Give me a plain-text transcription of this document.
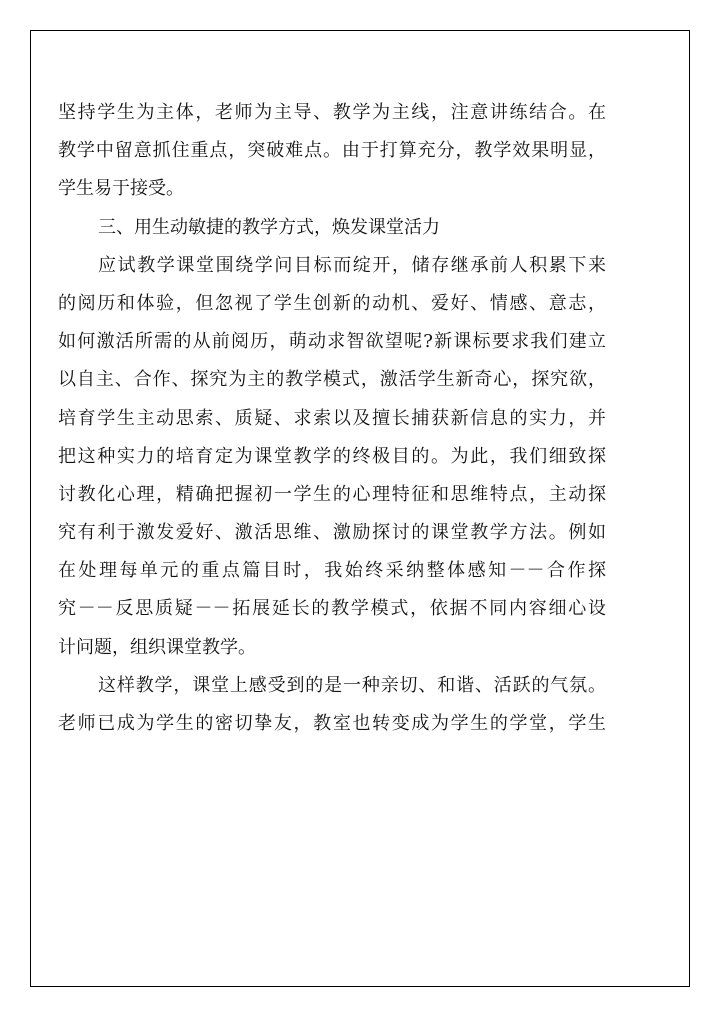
坚持学生为主体，老师为主导、教学为主线，注意讲练结合。在
教学中留意抓住重点，突破难点。由于打算充分，教学效果明显，
学生易于接受。
三、用生动敏捷的教学方式，焕发课堂活力
应试教学课堂围绕学问目标而绽开，储存继承前人积累下来
的阅历和体验，但忽视了学生创新的动机、爱好、情感、意志，
如何激活所需的从前阅历，萌动求智欲望呢?新课标要求我们建立
以自主、合作、探究为主的教学模式，激活学生新奇心，探究欲，
培育学生主动思索、质疑、求索以及擅长捕获新信息的实力，并
把这种实力的培育定为课堂教学的终极目的。为此，我们细致探
讨教化心理，精确把握初一学生的心理特征和思维特点，主动探
究有利于激发爱好、激活思维、激励探讨的课堂教学方法。例如
在处理每单元的重点篇目时，我始终采纳整体感知－－合作探
究－－反思质疑－－拓展延长的教学模式，依据不同内容细心设
计问题，组织课堂教学。
这样教学，课堂上感受到的是一种亲切、和谐、活跃的气氛。
老师已成为学生的密切挚友，教室也转变成为学生的学堂，学生
